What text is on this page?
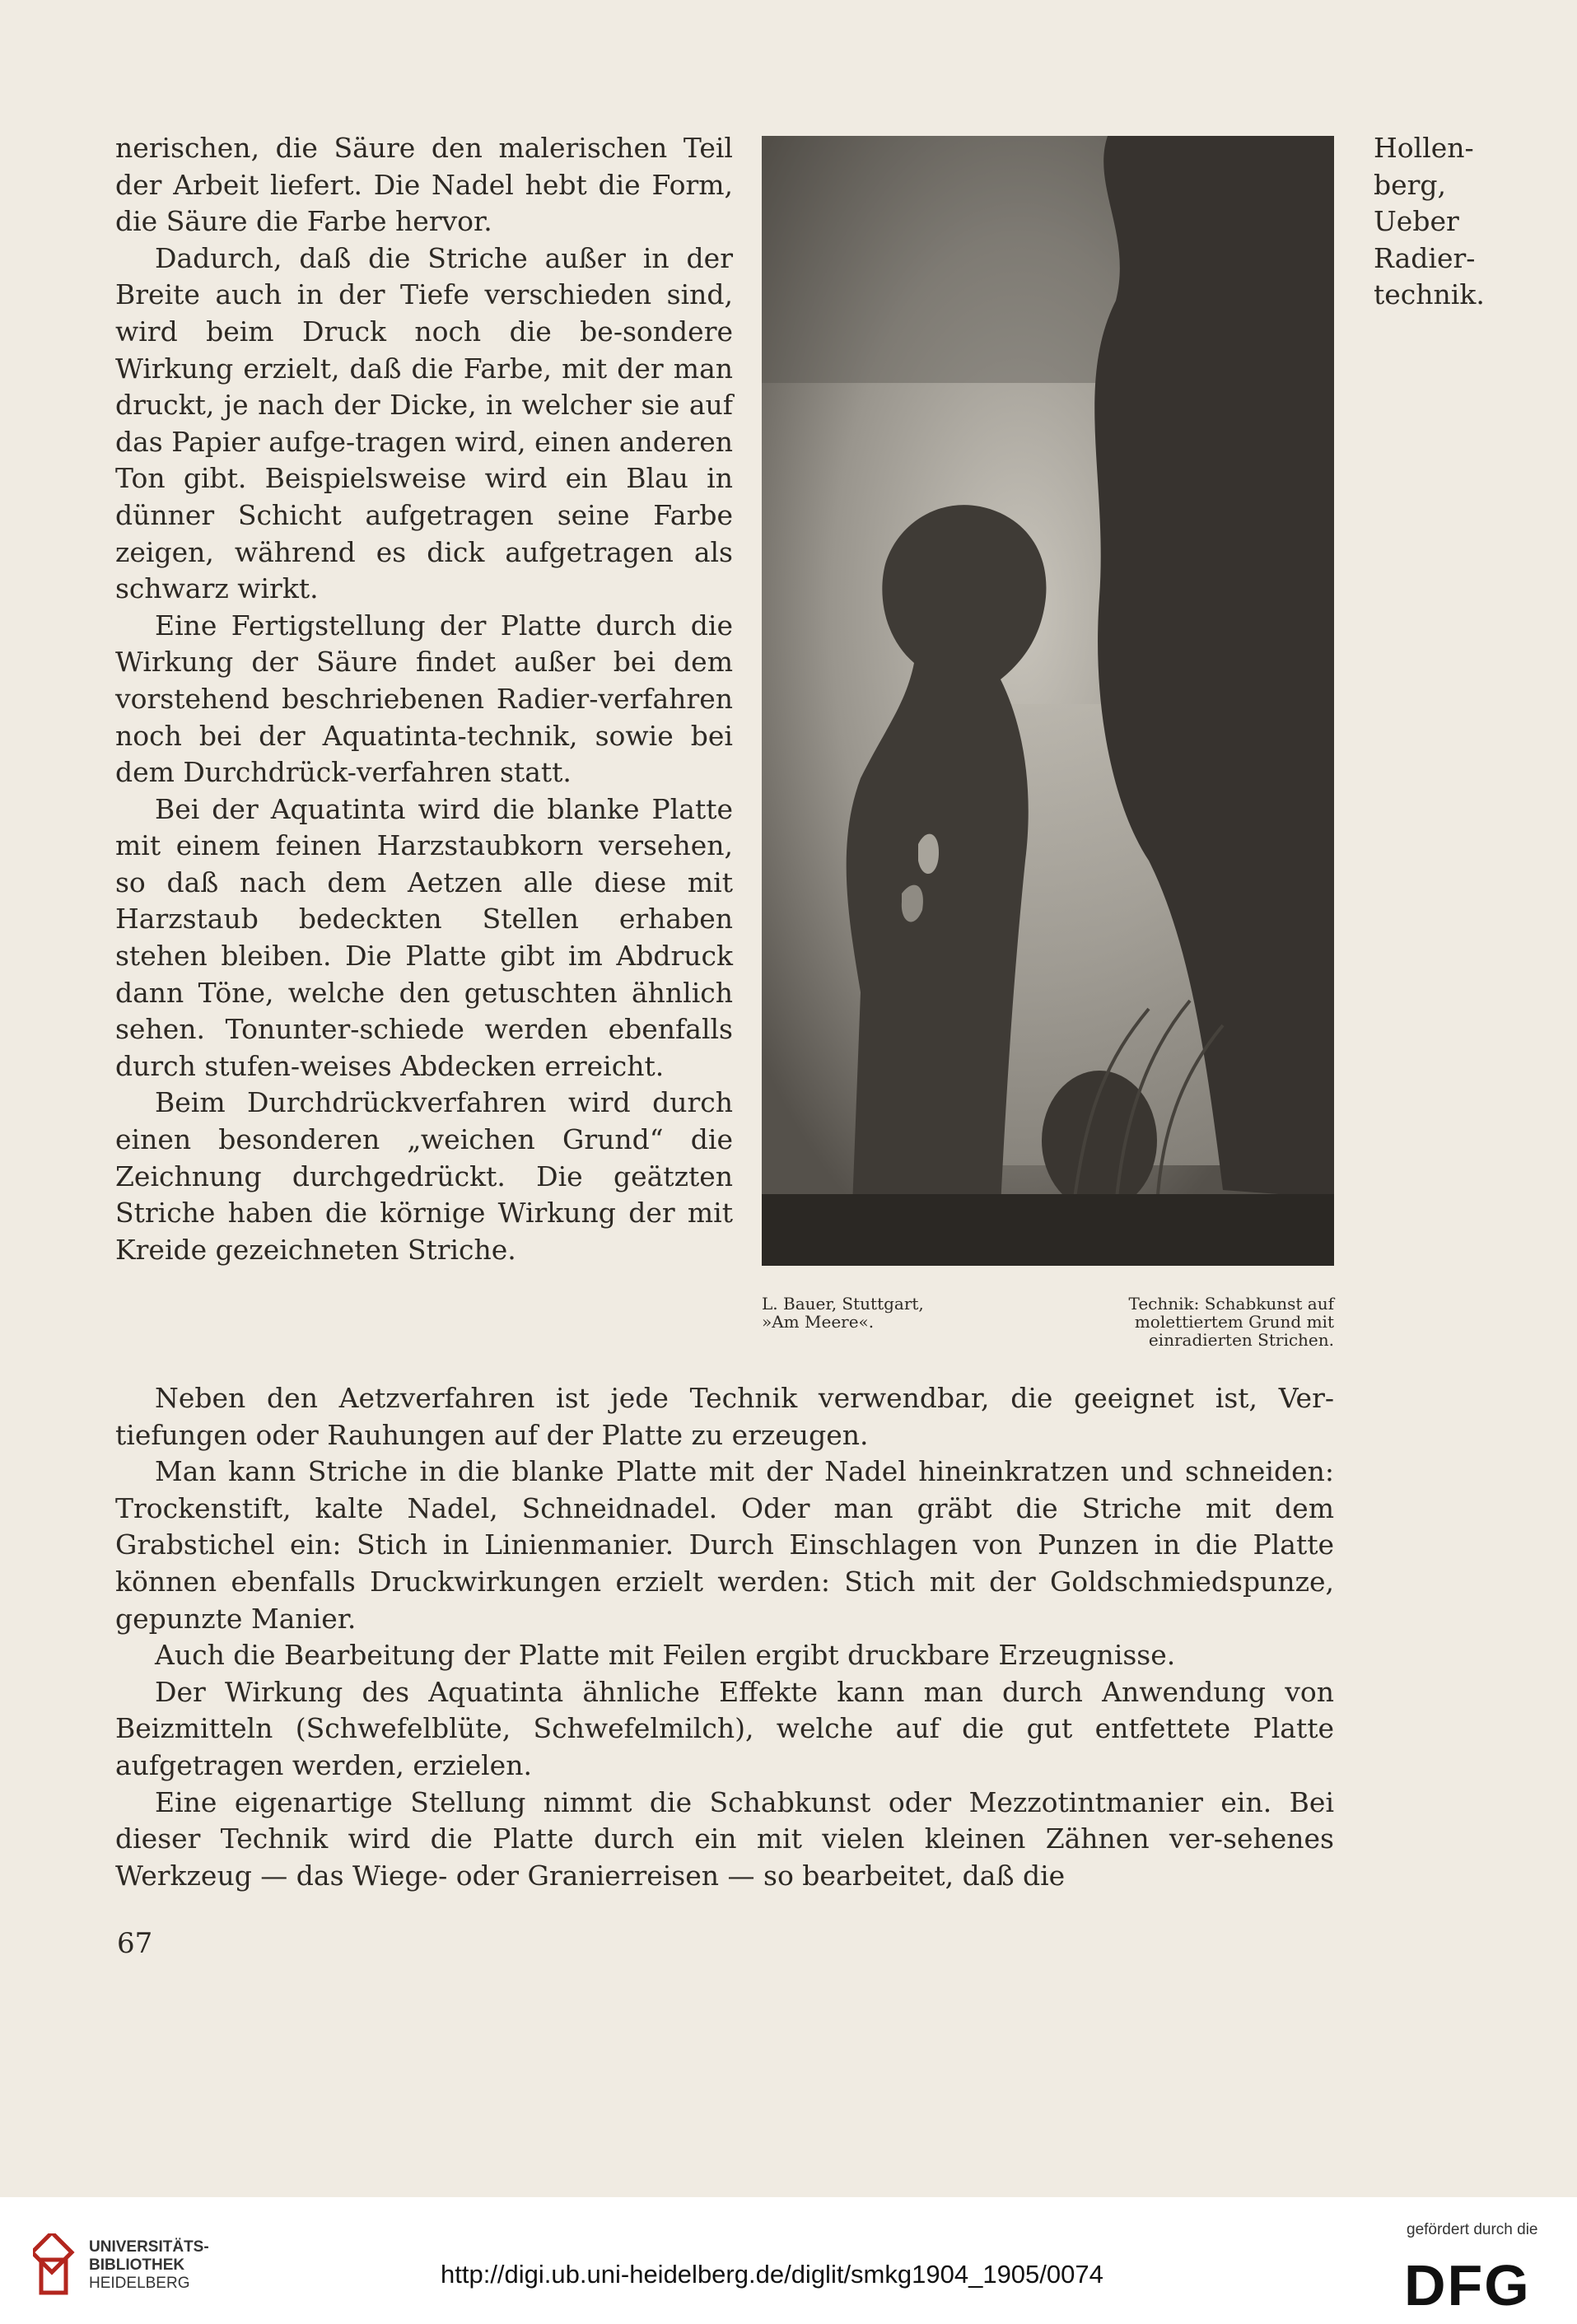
nerischen, die Säure den malerischen Teil der Arbeit liefert. Die Nadel hebt die Form, die Säure die Farbe hervor.

Dadurch, daß die Striche außer in der Breite auch in der Tiefe verschieden sind, wird beim Druck noch die be-sondere Wirkung erzielt, daß die Farbe, mit der man druckt, je nach der Dicke, in welcher sie auf das Papier aufge-tragen wird, einen anderen Ton gibt. Beispielsweise wird ein Blau in dünner Schicht aufgetragen seine Farbe zeigen, während es dick aufgetragen als schwarz wirkt.

Eine Fertigstellung der Platte durch die Wirkung der Säure findet außer bei dem vorstehend beschriebenen Radier-verfahren noch bei der Aquatinta-technik, sowie bei dem Durchdrück-verfahren statt.

Bei der Aquatinta wird die blanke Platte mit einem feinen Harzstaubkorn versehen, so daß nach dem Aetzen alle diese mit Harzstaub bedeckten Stellen erhaben stehen bleiben. Die Platte gibt im Abdruck dann Töne, welche den getuschten ähnlich sehen. Tonunter-schiede werden ebenfalls durch stufen-weises Abdecken erreicht.

Beim Durchdrückverfahren wird durch einen besonderen „weichen Grund“ die Zeichnung durchgedrückt. Die geätzten Striche haben die körnige Wirkung der mit Kreide gezeichneten Striche.

Hollen-
berg,
Ueber
Radier-
technik.
L. Bauer, Stuttgart,
»Am Meere«.
Technik: Schabkunst auf
molettiertem Grund mit
einradierten Strichen.

Neben den Aetzverfahren ist jede Technik verwendbar, die geeignet ist, Ver-tiefungen oder Rauhungen auf der Platte zu erzeugen.

Man kann Striche in die blanke Platte mit der Nadel hineinkratzen und schneiden: Trockenstift, kalte Nadel, Schneidnadel. Oder man gräbt die Striche mit dem Grabstichel ein: Stich in Linienmanier. Durch Einschlagen von Punzen in die Platte können ebenfalls Druckwirkungen erzielt werden: Stich mit der Goldschmiedspunze, gepunzte Manier.

Auch die Bearbeitung der Platte mit Feilen ergibt druckbare Erzeugnisse.

Der Wirkung des Aquatinta ähnliche Effekte kann man durch Anwendung von Beizmitteln (Schwefelblüte, Schwefelmilch), welche auf die gut entfettete Platte aufgetragen werden, erzielen.

Eine eigenartige Stellung nimmt die Schabkunst oder Mezzotintmanier ein. Bei dieser Technik wird die Platte durch ein mit vielen kleinen Zähnen ver-sehenes Werkzeug — das Wiege- oder Granierreisen — so bearbeitet, daß die

67
UNIVERSITÄTS-
BIBLIOTHEK
HEIDELBERG	http://digi.ub.uni-heidelberg.de/diglit/smkg1904_1905/0074
gefördert durch die
DFG
